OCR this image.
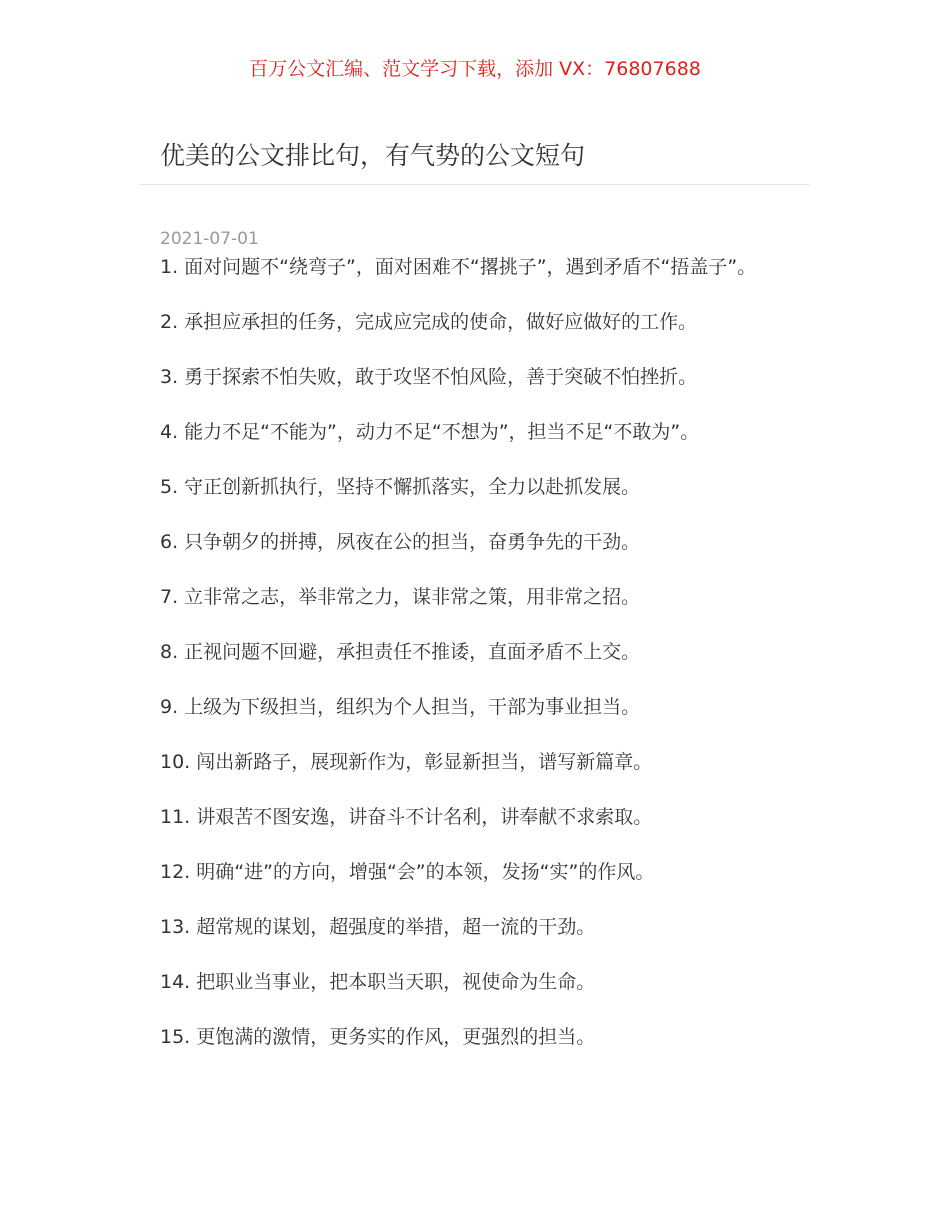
百万公文汇编、范文学习下载，添加 VX：76807688
优美的公文排比句，有气势的公文短句
2021-07-01
1. 面对问题不“绕弯子”，面对困难不“撂挑子”，遇到矛盾不“捂盖子”。
2. 承担应承担的任务，完成应完成的使命，做好应做好的工作。
3. 勇于探索不怕失败，敢于攻坚不怕风险，善于突破不怕挫折。
4. 能力不足“不能为”，动力不足“不想为”，担当不足“不敢为”。
5. 守正创新抓执行，坚持不懈抓落实，全力以赴抓发展。
6. 只争朝夕的拼搏，夙夜在公的担当，奋勇争先的干劲。
7. 立非常之志，举非常之力，谋非常之策，用非常之招。
8. 正视问题不回避，承担责任不推诿，直面矛盾不上交。
9. 上级为下级担当，组织为个人担当，干部为事业担当。
10. 闯出新路子，展现新作为，彰显新担当，谱写新篇章。
11. 讲艰苦不图安逸，讲奋斗不计名利，讲奉献不求索取。
12. 明确“进”的方向，增强“会”的本领，发扬“实”的作风。
13. 超常规的谋划，超强度的举措，超一流的干劲。
14. 把职业当事业，把本职当天职，视使命为生命。
15. 更饱满的激情，更务实的作风，更强烈的担当。
